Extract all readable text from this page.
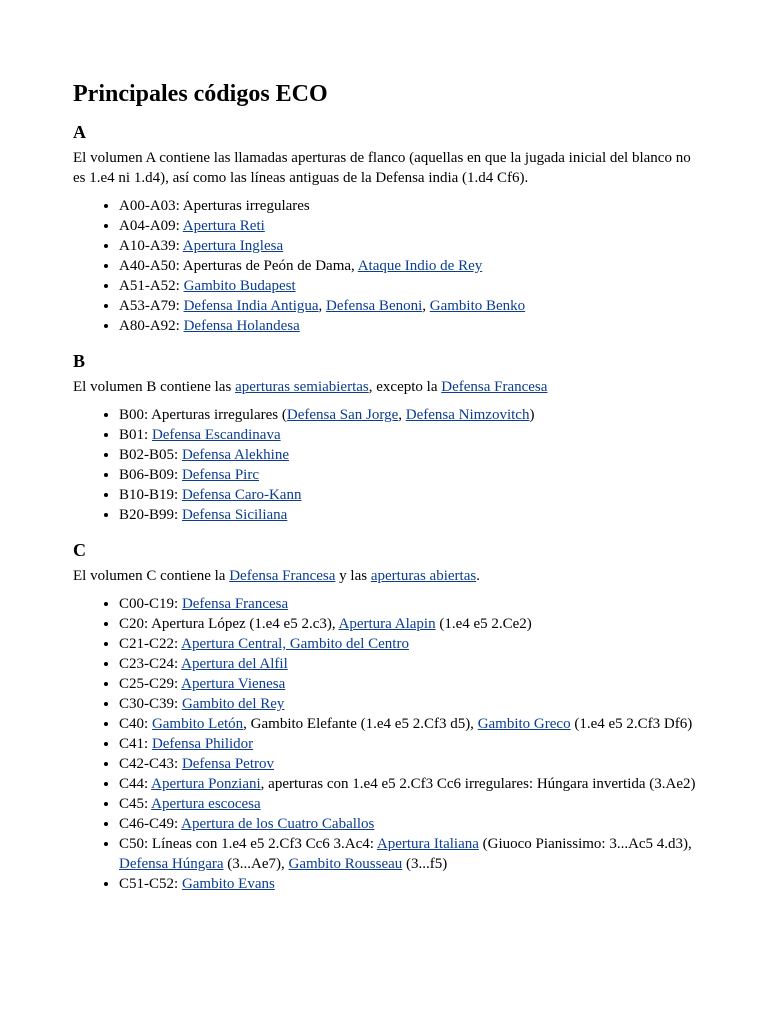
Principales códigos ECO
A

El volumen A contiene las llamadas aperturas de flanco (aquellas en que la jugada inicial del blanco no es 1.e4 ni 1.d4), así como las líneas antiguas de la Defensa india (1.d4 Cf6).

• A00-A03: Aperturas irregulares
• A04-A09: Apertura Reti
• A10-A39: Apertura Inglesa
• A40-A50: Aperturas de Peón de Dama, Ataque Indio de Rey
• A51-A52: Gambito Budapest
• A53-A79: Defensa India Antigua, Defensa Benoni, Gambito Benko
• A80-A92: Defensa Holandesa
B

El volumen B contiene las aperturas semiabiertas, excepto la Defensa Francesa

• B00: Aperturas irregulares (Defensa San Jorge, Defensa Nimzovitch)
• B01: Defensa Escandinava
• B02-B05: Defensa Alekhine
• B06-B09: Defensa Pirc
• B10-B19: Defensa Caro-Kann
• B20-B99: Defensa Siciliana
C

El volumen C contiene la Defensa Francesa y las aperturas abiertas.

• C00-C19: Defensa Francesa
• C20: Apertura López (1.e4 e5 2.c3), Apertura Alapin (1.e4 e5 2.Ce2)
• C21-C22: Apertura Central, Gambito del Centro
• C23-C24: Apertura del Alfil
• C25-C29: Apertura Vienesa
• C30-C39: Gambito del Rey
• C40: Gambito Letón, Gambito Elefante (1.e4 e5 2.Cf3 d5), Gambito Greco (1.e4 e5 2.Cf3 Df6)
• C41: Defensa Philidor
• C42-C43: Defensa Petrov
• C44: Apertura Ponziani, aperturas con 1.e4 e5 2.Cf3 Cc6 irregulares: Húngara invertida (3.Ae2)
• C45: Apertura escocesa
• C46-C49: Apertura de los Cuatro Caballos
• C50: Líneas con 1.e4 e5 2.Cf3 Cc6 3.Ac4: Apertura Italiana (Giuoco Pianissimo: 3...Ac5 4.d3), Defensa Húngara (3...Ae7), Gambito Rousseau (3...f5)
• C51-C52: Gambito Evans
